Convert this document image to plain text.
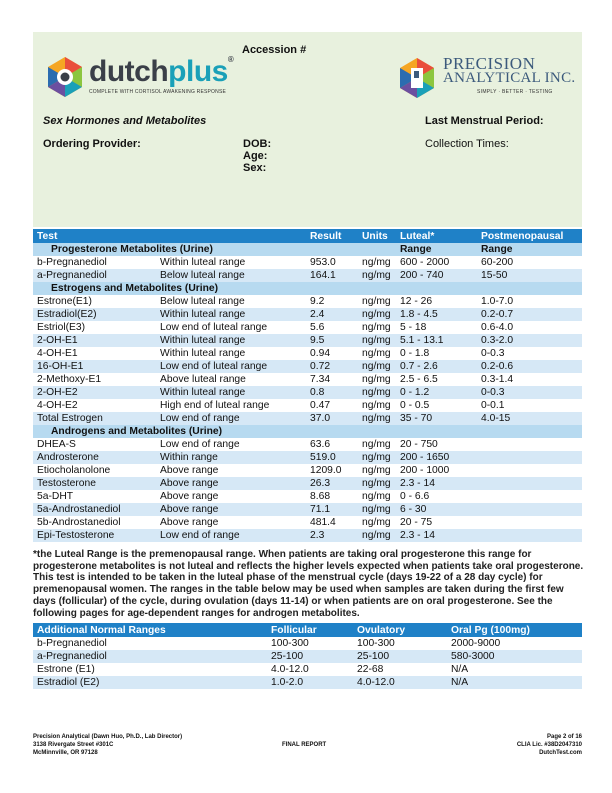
Accession #
dutchplus®
COMPLETE WITH CORTISOL AWAKENING RESPONSE
PRECISION
ANALYTICAL INC.
SIMPLY · BETTER · TESTING
Sex Hormones and Metabolites	Last Menstrual Period:
Ordering Provider:	DOB:
Age:
Sex:
Collection Times:
Test		Result	Units	Luteal*	Postmenopausal
Progesterone Metabolites (Urine)				Range	Range
b-Pregnanediol	Within luteal range	953.0	ng/mg	600 - 2000	60-200
a-Pregnanediol	Below luteal range	164.1	ng/mg	200 - 740	15-50
Estrogens and Metabolites (Urine)					
Estrone(E1)	Below luteal range	9.2	ng/mg	12 - 26	1.0-7.0
Estradiol(E2)	Within luteal range	2.4	ng/mg	1.8 - 4.5	0.2-0.7
Estriol(E3)	Low end of luteal range	5.6	ng/mg	5 - 18	0.6-4.0
2-OH-E1	Within luteal range	9.5	ng/mg	5.1 - 13.1	0.3-2.0
4-OH-E1	Within luteal range	0.94	ng/mg	0 - 1.8	0-0.3
16-OH-E1	Low end of luteal range	0.72	ng/mg	0.7 - 2.6	0.2-0.6
2-Methoxy-E1	Above luteal range	7.34	ng/mg	2.5 - 6.5	0.3-1.4
2-OH-E2	Within luteal range	0.8	ng/mg	0 - 1.2	0-0.3
4-OH-E2	High end of luteal range	0.47	ng/mg	0 - 0.5	0-0.1
Total Estrogen	Low end of range	37.0	ng/mg	35 - 70	4.0-15
Androgens and Metabolites (Urine)					
DHEA-S	Low end of range	63.6	ng/mg	20 - 750	
Androsterone	Within range	519.0	ng/mg	200 - 1650	
Etiocholanolone	Above range	1209.0	ng/mg	200 - 1000	
Testosterone	Above range	26.3	ng/mg	2.3 - 14	
5a-DHT	Above range	8.68	ng/mg	0 - 6.6	
5a-Androstanediol	Above range	71.1	ng/mg	6 - 30	
5b-Androstanediol	Above range	481.4	ng/mg	20 - 75	
Epi-Testosterone	Low end of range	2.3	ng/mg	2.3 - 14	
*the Luteal Range is the premenopausal range. When patients are taking oral progesterone this range for progesterone metabolites is not luteal and reflects the higher levels expected when patients take oral progesterone. This test is intended to be taken in the luteal phase of the menstrual cycle (days 19-22 of a 28 day cycle) for premenopausal women. The ranges in the table below may be used when samples are taken during the first few days (follicular) of the cycle, during ovulation (days 11-14) or when patients are on oral progesterone. See the following pages for age-dependent ranges for androgen metabolites.
Additional Normal Ranges	Follicular	Ovulatory	Oral Pg (100mg)
b-Pregnanediol	100-300	100-300	2000-9000
a-Pregnanediol	25-100	25-100	580-3000
Estrone (E1)	4.0-12.0	22-68	N/A
Estradiol (E2)	1.0-2.0	4.0-12.0	N/A
Precision Analytical (Dawn Huo, Ph.D., Lab Director)
3138 Rivergate Street #301C
McMinnville, OR 97128
FINAL REPORT
Page 2 of 16
CLIA Lic. #38D2047310
DutchTest.com
